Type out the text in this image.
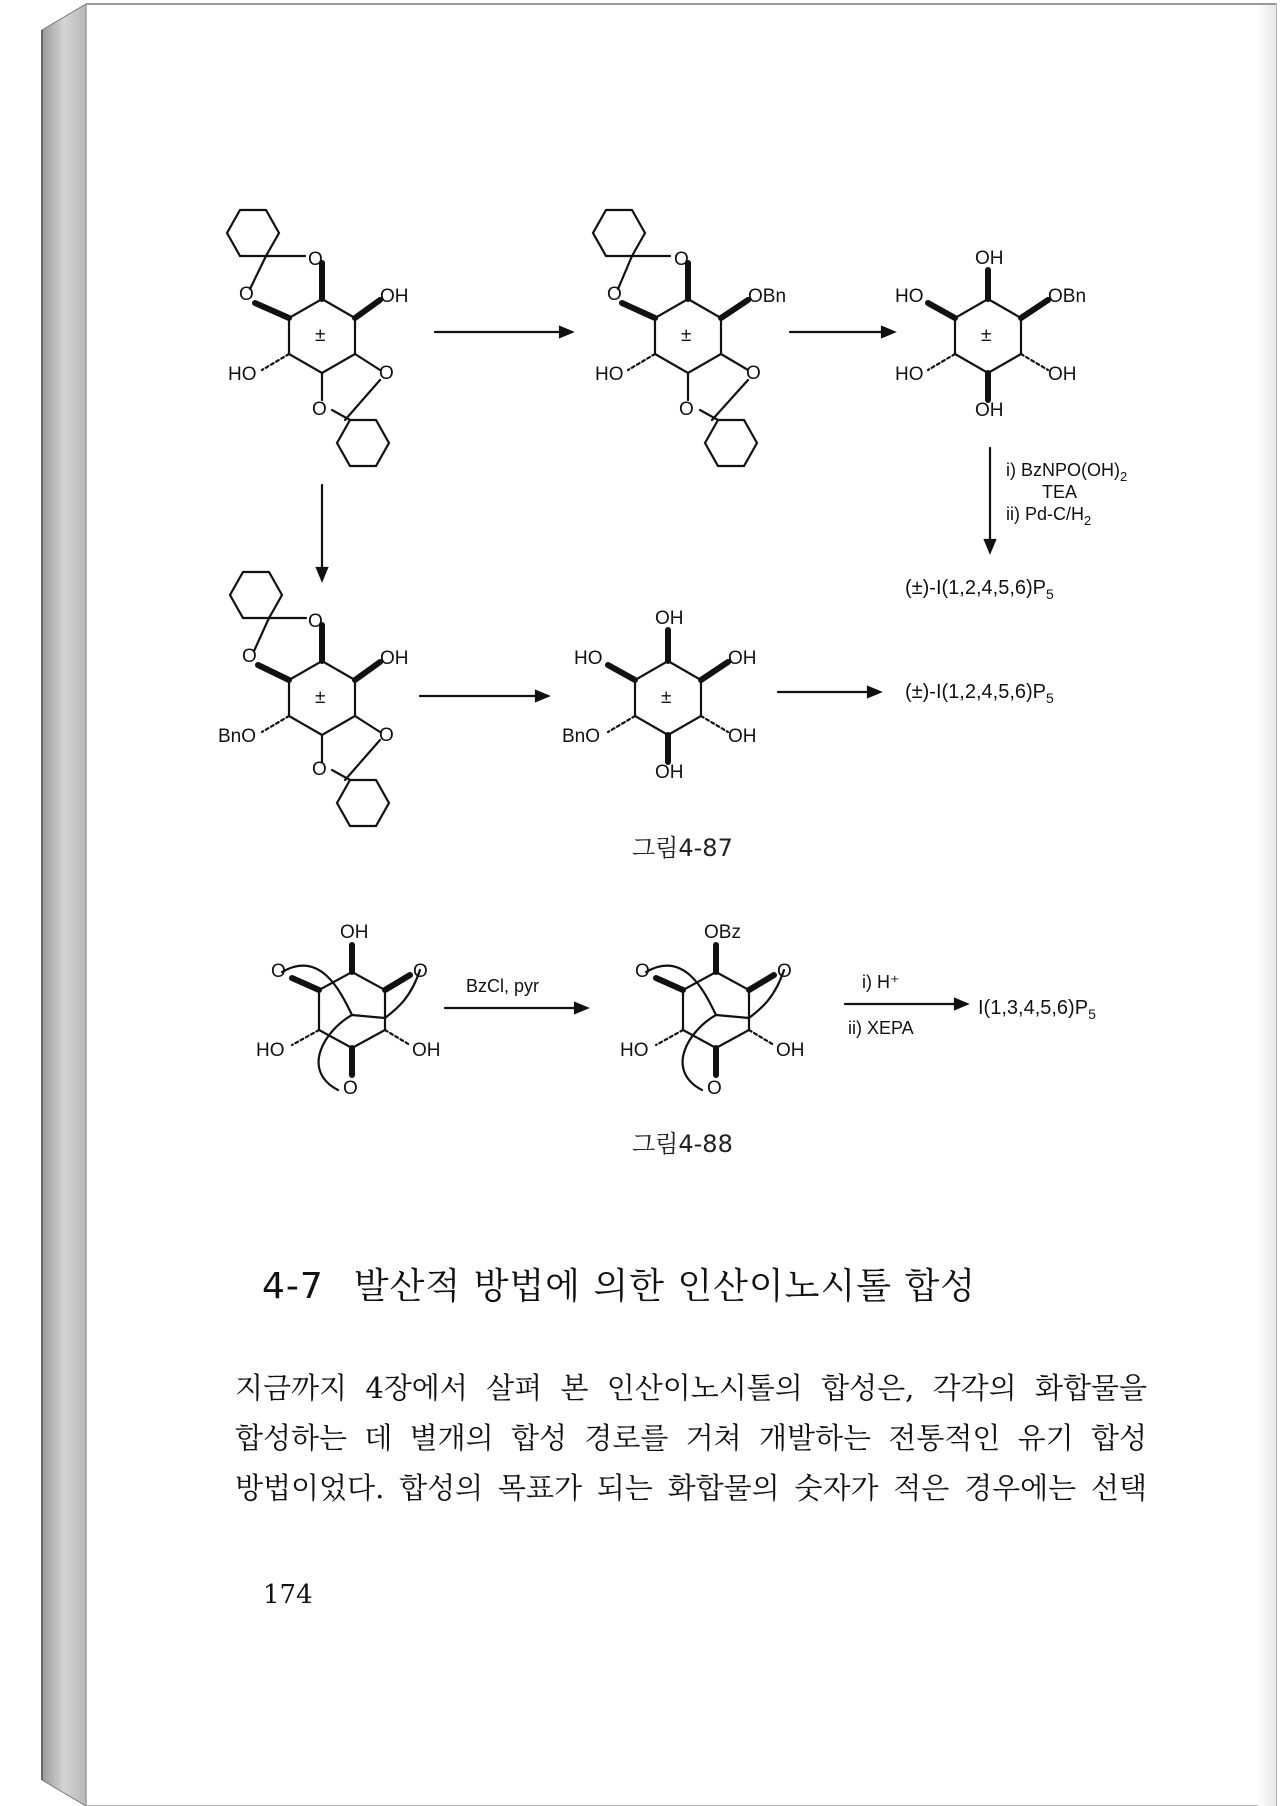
O
O	OH
±
HO	O
O
O
O	OBn
±
HO	O
O
OH
HO	OBn
±
HO	OH
OH
O
O	OH
±
BnO	O
O
OH
HO	OH
±
BnO	OH
OH
OH
O	O
HO	OH
O
OBz
O	O
HO	OH
O
i) $BzNPO(OH)_2$
TEA
ii) $Pd-C/H_2$
$(\pm)-I(1,2,4,5,6)P_5$
$(\pm)-I(1,2,4,5,6)P_5$
BzCl, pyr	i) H⁺
ii) XEPA
$I(1,3,4,5,6)P_5$
그림4-87
그림4-88
4-7 발산적 방법에 의한 인산이노시톨 합성
지금까지 4장에서 살펴 본 인산이노시톨의 합성은, 각각의 화합물을
합성하는 데 별개의 합성 경로를 거쳐 개발하는 전통적인 유기 합성
방법이었다. 합성의 목표가 되는 화합물의 숫자가 적은 경우에는 선택
174
